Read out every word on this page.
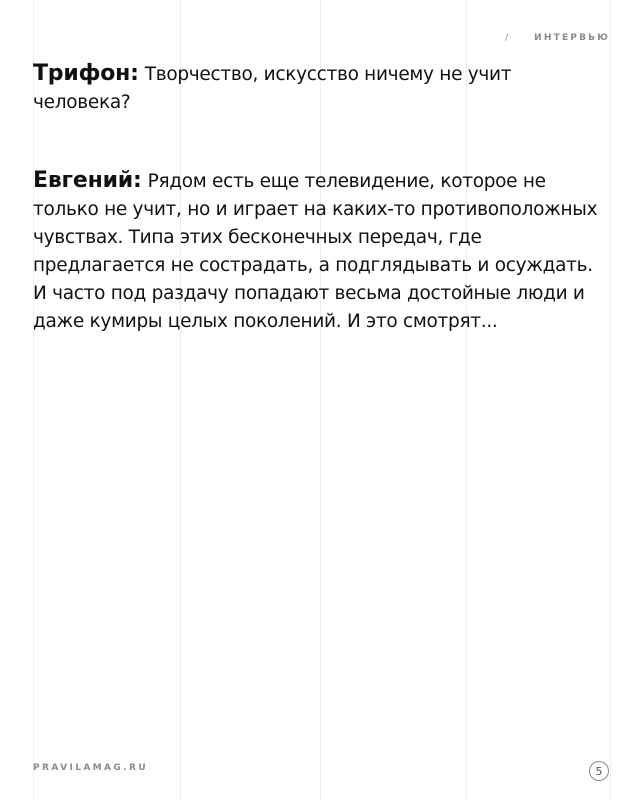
/	ИНТЕРВЬЮ

Трифон: Творчество, искусство ничему не учит человека?

Евгений: Рядом есть еще телевидение, которое не только не учит, но и играет на каких-то противоположных чувствах. Типа этих бесконечных передач, где предлагается не сострадать, а подглядывать и осуждать. И часто под раздачу попадают весьма достойные люди и даже кумиры целых поколений. И это смотрят...

PRAVILAMAG.RU	5
